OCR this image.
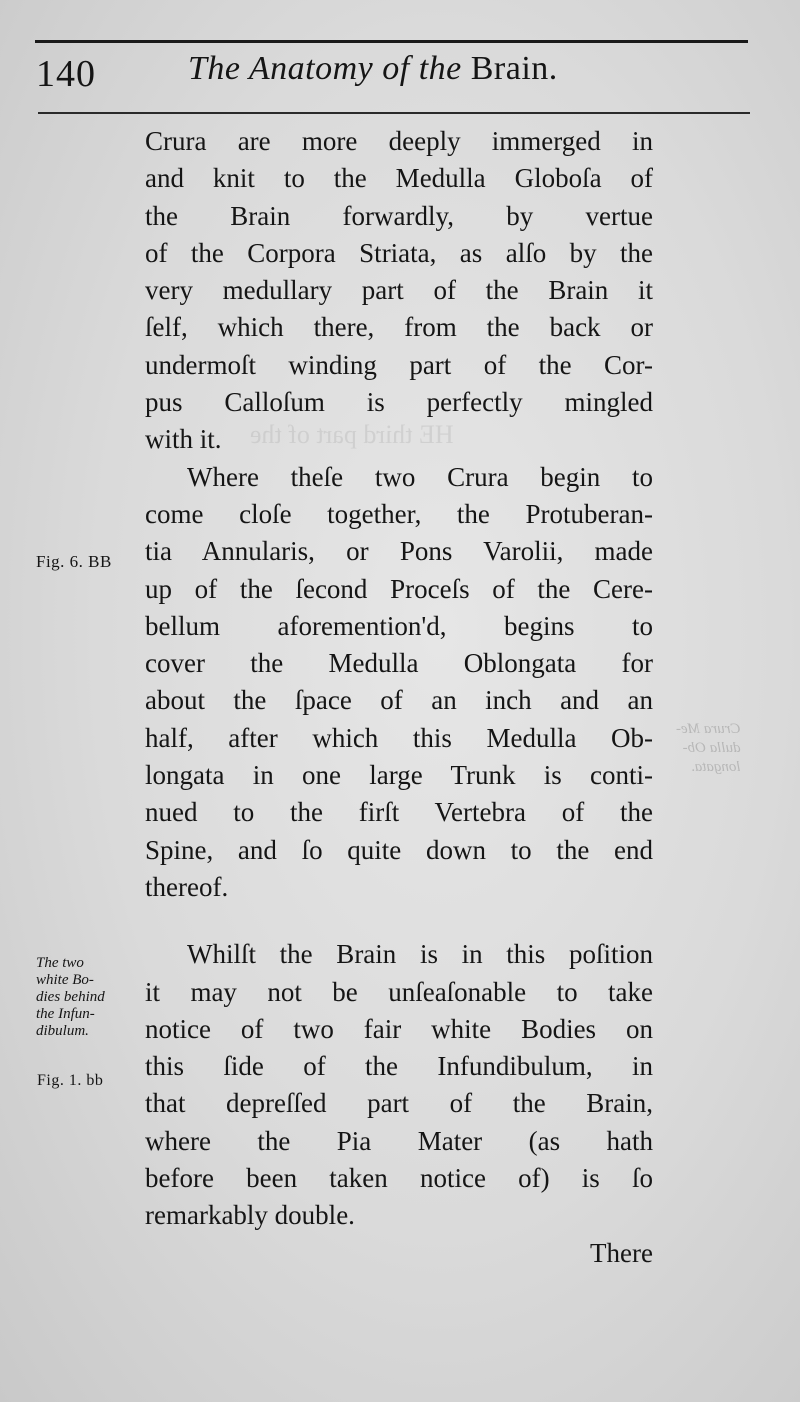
140	The Anatomy of the Brain.
HE third part of the
Crura Me-
dulla Ob-
longata.
Crura are more deeply immerged in
and knit to the Medulla Globoſa of
the Brain forwardly, by vertue
of the Corpora Striata, as alſo by the
very medullary part of the Brain it
ſelf, which there, from the back or
undermoſt winding part of the Cor-
pus Calloſum is perfectly mingled
with it.
Where theſe two Crura begin to
come cloſe together, the Protuberan-
tia Annularis, or Pons Varolii, made
up of the ſecond Proceſs of the Cere-
bellum aforemention'd, begins to
cover the Medulla Oblongata for
about the ſpace of an inch and an
half, after which this Medulla Ob-
longata in one large Trunk is conti-
nued to the firſt Vertebra of the
Spine, and ſo quite down to the end
thereof.
Whilſt the Brain is in this poſition
it may not be unſeaſonable to take
notice of two fair white Bodies on
this ſide of the Infundibulum, in
that depreſſed part of the Brain,
where the Pia Mater (as hath
before been taken notice of) is ſo
remarkably double.
There
Fig. 6. BB
The two
white Bo-
dies behind
the Infun-
dibulum.
Fig. 1. bb
